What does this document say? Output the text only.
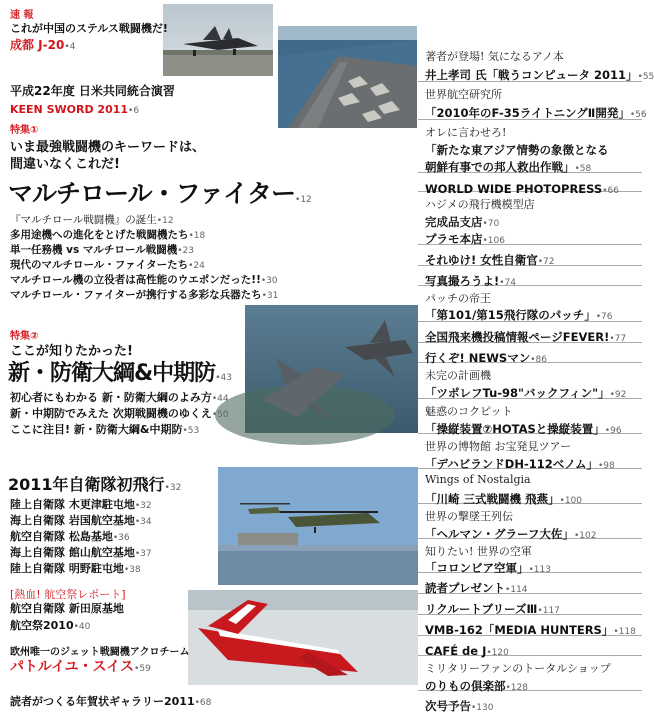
速 報
これが中国のステルス戦闘機だ!
成都 J-20•4
平成22年度 日米共同統合演習
KEEN SWORD 2011•6
特集①
いま最強戦闘機のキーワードは、
間違いなくこれだ!
マルチロール・ファイター•12
『マルチロール戦闘機』の誕生•12
多用途機への進化をとげた戦闘機たち•18
単一任務機 vs マルチロール戦闘機•23
現代のマルチロール・ファイターたち•24
マルチロール機の立役者は高性能のウエポンだった!!•30
マルチロール・ファイターが携行する多彩な兵器たち•31
特集②
ここが知りたかった!
新・防衛大綱&中期防•43
初心者にもわかる 新・防衛大綱のよみ方•44
新・中期防でみえた 次期戦闘機のゆくえ•50
ここに注目! 新・防衛大綱&中期防•53
2011年自衛隊初飛行•32
陸上自衛隊 木更津駐屯地•32
海上自衛隊 岩国航空基地•34
航空自衛隊 松島基地•36
海上自衛隊 館山航空基地•37
陸上自衛隊 明野駐屯地•38
[熱血! 航空祭レポート]
航空自衛隊 新田原基地
航空祭2010•40
欧州唯一のジェット戦闘機アクロチーム
パトルイユ・スイス•59
読者がつくる年賀状ギャラリー2011•68
著者が登場! 気になるアノ本
井上孝司 氏「戦うコンピュータ 2011」•55
世界航空研究所
「2010年のF-35ライトニングⅡ開発」•56
オレに言わせろ!
「新たな東アジア情勢の象徴となる
朝鮮有事での邦人救出作戦」•58
WORLD WIDE PHOTOPRESS•66
ハジメの飛行機模型店
完成品支店•70
プラモ本店•106
それゆけ! 女性自衛官•72
写真撮ろうよ!•74
パッチの帝王
「第101/第15飛行隊のパッチ」•76
全国飛来機投稿情報ページFEVER!•77
行くぞ! NEWSマン•86
未完の計画機
「ツポレフTu-98"バックフィン"」•92
魅惑のコクピット
「操縦装置⑦HOTASと操縦装置」•96
世界の博物館 お宝発見ツアー
「デハビランドDH-112ベノム」•98
Wings of Nostalgia
「川崎 三式戦闘機 飛燕」•100
世界の撃墜王列伝
「ヘルマン・グラーフ大佐」•102
知りたい! 世界の空軍
「コロンビア空軍」•113
読者プレゼント•114
リクルートブリーズⅢ•117
VMB-162「MEDIA HUNTERS」•118
CAFÉ de J•120
ミリタリーファンのトータルショップ
のりもの倶楽部•128
次号予告•130
